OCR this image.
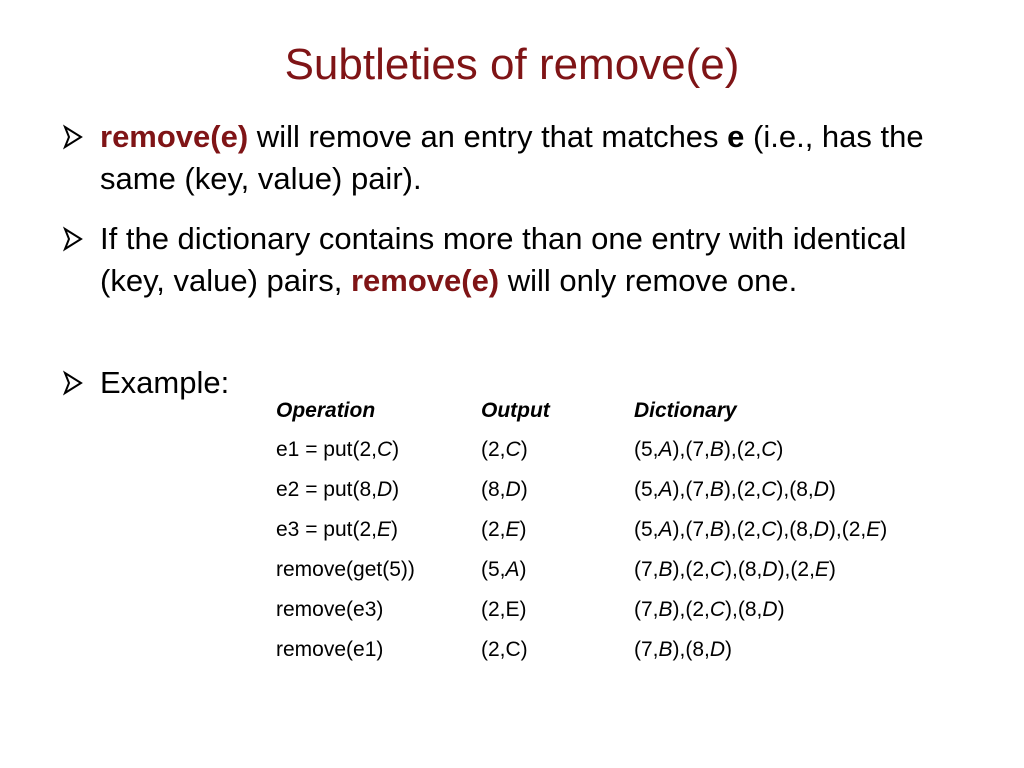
Subtleties of remove(e)
remove(e) will remove an entry that matches e (i.e., has the same (key, value) pair).
If the dictionary contains more than one entry with identical (key, value) pairs, remove(e) will only remove one.
Example:
Operation	Output	Dictionary
e1 = put(2,C)	(2,C)	(5,A),(7,B),(2,C)
e2 = put(8,D)	(8,D)	(5,A),(7,B),(2,C),(8,D)
e3 = put(2,E)	(2,E)	(5,A),(7,B),(2,C),(8,D),(2,E)
remove(get(5))	(5,A)	(7,B),(2,C),(8,D),(2,E)
remove(e3)	(2,E)	(7,B),(2,C),(8,D)
remove(e1)	(2,C)	(7,B),(8,D)
